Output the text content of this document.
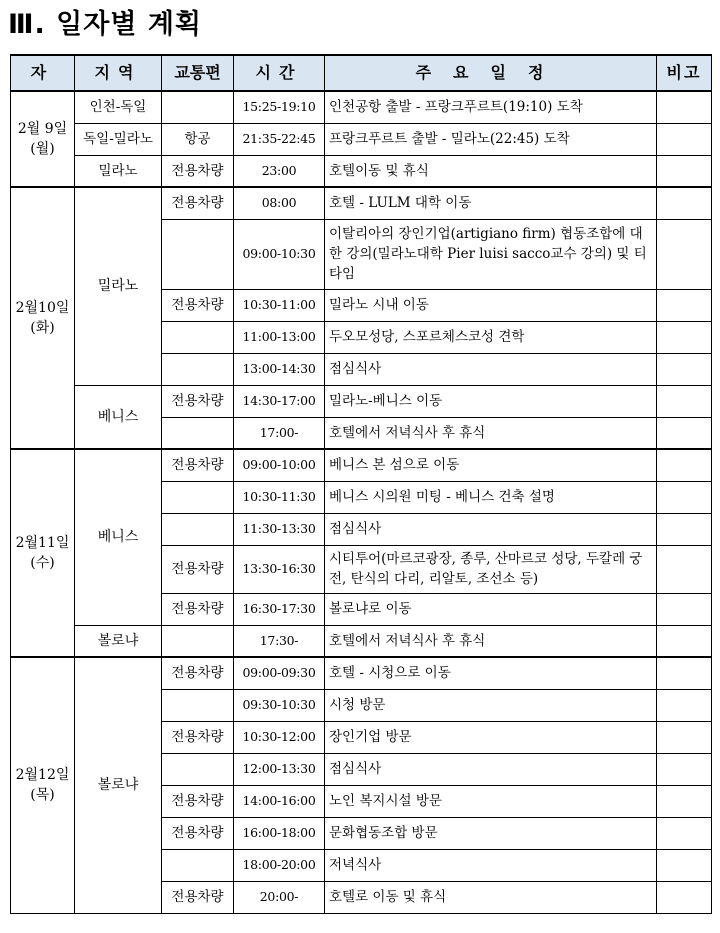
Ⅲ. 일자별 계획
자	지역	교통편	시간	주요일정	비고
2월 9일
(월)	인천-독일		15:25-19:10	인천공항 출발 - 프랑크푸르트(19:10) 도착	
	독일-밀라노	항공	21:35-22:45	프랑크푸르트 출발 - 밀라노(22:45) 도착	
	밀라노	전용차량	23:00	호텔이동 및 휴식	
2월10일
(화)	밀라노	전용차량	08:00	호텔 - LULM 대학 이동	
			09:00-10:30	이탈리아의 장인기업(artigiano firm) 협동조합에 대한 강의(밀라노대학 Pier luisi sacco교수 강의) 및 티타임	
		전용차량	10:30-11:00	밀라노 시내 이동	
			11:00-13:00	두오모성당, 스포르체스코성 견학	
			13:00-14:30	점심식사	
	베니스	전용차량	14:30-17:00	밀라노-베니스 이동	
			17:00-	호텔에서 저녁식사 후 휴식	
2월11일
(수)	베니스	전용차량	09:00-10:00	베니스 본 섬으로 이동	
			10:30-11:30	베니스 시의원 미팅 - 베니스 건축 설명	
			11:30-13:30	점심식사	
		전용차량	13:30-16:30	시티투어(마르코광장, 종루, 산마르코 성당, 두칼레 궁전, 탄식의 다리, 리알토, 조선소 등)	
		전용차량	16:30-17:30	볼로냐로 이동	
	볼로냐		17:30-	호텔에서 저녁식사 후 휴식	
2월12일
(목)	볼로냐	전용차량	09:00-09:30	호텔 - 시청으로 이동	
			09:30-10:30	시청 방문	
		전용차량	10:30-12:00	장인기업 방문	
			12:00-13:30	점심식사	
		전용차량	14:00-16:00	노인 복지시설 방문	
		전용차량	16:00-18:00	문화협동조합 방문	
			18:00-20:00	저녁식사	
		전용차량	20:00-	호텔로 이동 및 휴식	
